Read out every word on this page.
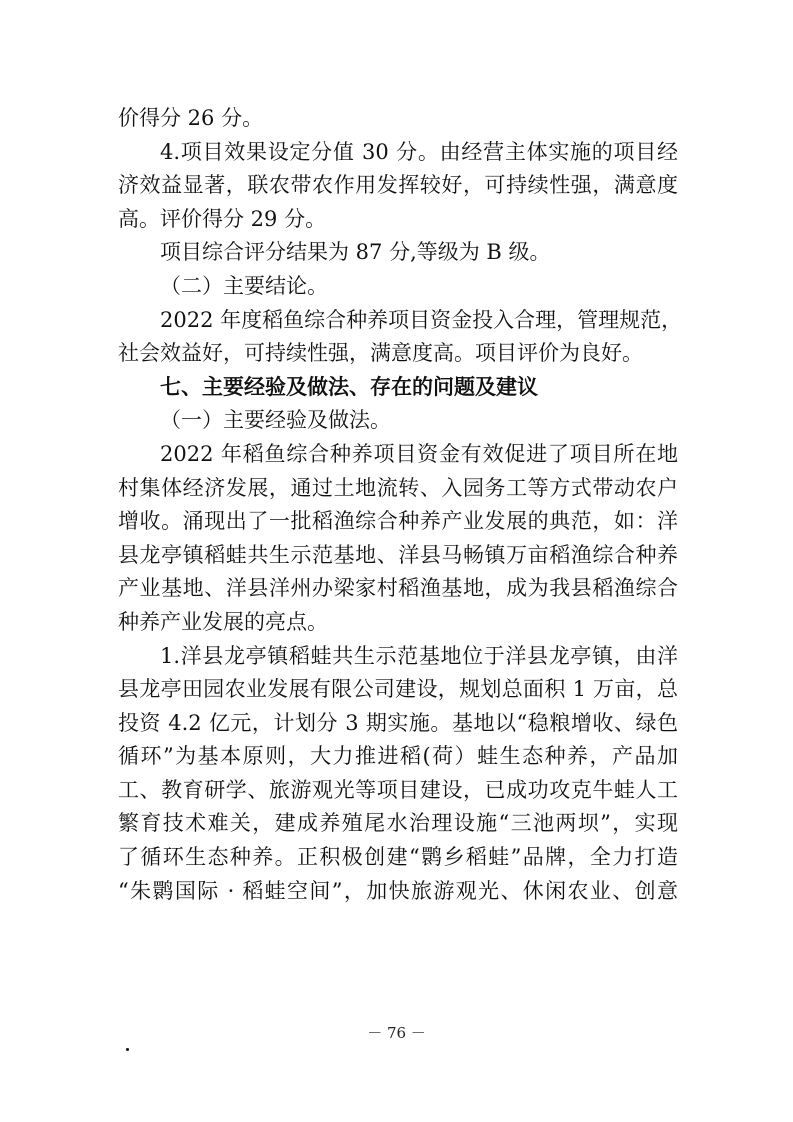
价得分 26 分。
4.项目效果设定分值 30 分。由经营主体实施的项目经
济效益显著，联农带农作用发挥较好，可持续性强，满意度
高。评价得分 29 分。
项目综合评分结果为 87 分,等级为 B 级。
（二）主要结论。
2022 年度稻鱼综合种养项目资金投入合理，管理规范，
社会效益好，可持续性强，满意度高。项目评价为良好。
七、主要经验及做法、存在的问题及建议
（一）主要经验及做法。
2022 年稻鱼综合种养项目资金有效促进了项目所在地
村集体经济发展，通过土地流转、入园务工等方式带动农户
增收。涌现出了一批稻渔综合种养产业发展的典范，如：洋
县龙亭镇稻蛙共生示范基地、洋县马畅镇万亩稻渔综合种养
产业基地、洋县洋州办梁家村稻渔基地，成为我县稻渔综合
种养产业发展的亮点。
1.洋县龙亭镇稻蛙共生示范基地位于洋县龙亭镇，由洋
县龙亭田园农业发展有限公司建设，规划总面积 1 万亩，总
投资 4.2 亿元，计划分 3 期实施。基地以“稳粮增收、绿色
循环”为基本原则，大力推进稻(荷）蛙生态种养，产品加
工、教育研学、旅游观光等项目建设，已成功攻克牛蛙人工
繁育技术难关，建成养殖尾水治理设施“三池两坝”，实现
了循环生态种养。正积极创建“鹮乡稻蛙”品牌，全力打造
“朱鹮国际 · 稻蛙空间”，加快旅游观光、休闲农业、创意
－ 76 －
